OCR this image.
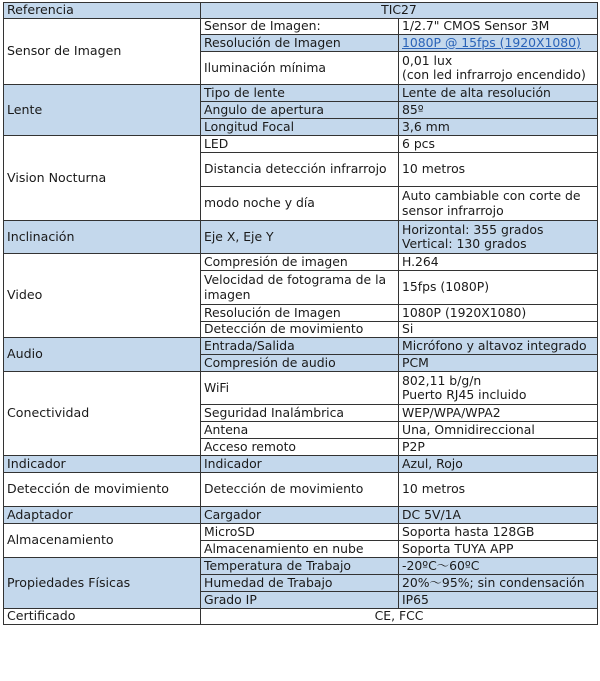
Referencia	TIC27	
Sensor de Imagen	Sensor de Imagen:	1/2.7" CMOS Sensor 3M
	Resolución de Imagen	1080P @ 15fps (1920X1080)
	Iluminación mínima	0,01 lux
(con led infrarrojo encendido)

Lente	Tipo de lente	Lente de alta resolución
	Angulo de apertura	85º
	Longitud Focal	3,6 mm
Vision Nocturna	LED	6 pcs
	Distancia detección infrarrojo	10 metros
	modo noche y día	Auto cambiable con corte de sensor infrarrojo
Inclinación	Eje X, Eje Y	Horizontal: 355 grados
Vertical: 130 grados

Video	Compresión de imagen	H.264
	Velocidad de fotograma de la imagen	15fps (1080P)
	Resolución de Imagen	1080P (1920X1080)
	Detección de movimiento	Si
Audio	Entrada/Salida	Micrófono y altavoz integrado
	Compresión de audio	PCM
Conectividad	WiFi	802,11 b/g/n
Puerto RJ45 incluido

	Seguridad Inalámbrica	WEP/WPA/WPA2
	Antena	Una, Omnidireccional
	Acceso remoto	P2P
Indicador	Indicador	Azul, Rojo
Detección de movimiento	Detección de movimiento	10 metros
Adaptador	Cargador	DC 5V/1A
Almacenamiento	MicroSD	Soporta hasta 128GB
	Almacenamiento en nube	Soporta TUYA APP
Propiedades Físicas	Temperatura de Trabajo	-20ºC～60ºC
	Humedad de Trabajo	20%～95%; sin condensación
	Grado IP	IP65
Certificado	CE, FCC	
